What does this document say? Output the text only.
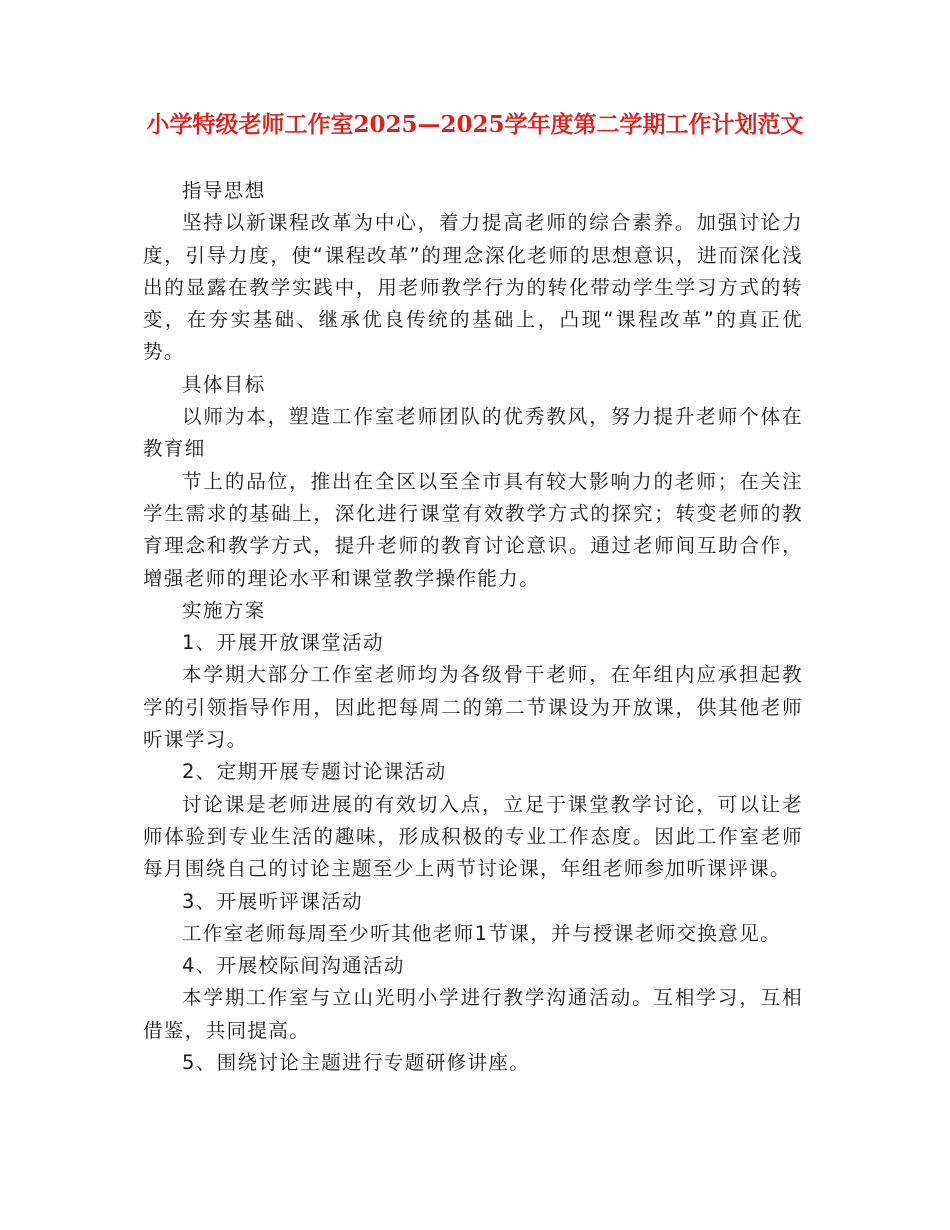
小学特级老师工作室2025—2025学年度第二学期工作计划范文

指导思想

坚持以新课程改革为中心，着力提高老师的综合素养。加强讨论力度，引导力度，使“课程改革”的理念深化老师的思想意识，进而深化浅出的显露在教学实践中，用老师教学行为的转化带动学生学习方式的转变，在夯实基础、继承优良传统的基础上，凸现“课程改革”的真正优势。

具体目标

以师为本，塑造工作室老师团队的优秀教风，努力提升老师个体在教育细

节上的品位，推出在全区以至全市具有较大影响力的老师；在关注学生需求的基础上，深化进行课堂有效教学方式的探究；转变老师的教育理念和教学方式，提升老师的教育讨论意识。通过老师间互助合作，增强老师的理论水平和课堂教学操作能力。

实施方案

1、开展开放课堂活动

本学期大部分工作室老师均为各级骨干老师，在年组内应承担起教学的引领指导作用，因此把每周二的第二节课设为开放课，供其他老师听课学习。

2、定期开展专题讨论课活动

讨论课是老师进展的有效切入点，立足于课堂教学讨论，可以让老师体验到专业生活的趣味，形成积极的专业工作态度。因此工作室老师每月围绕自己的讨论主题至少上两节讨论课，年组老师参加听课评课。

3、开展听评课活动

工作室老师每周至少听其他老师1节课，并与授课老师交换意见。

4、开展校际间沟通活动

本学期工作室与立山光明小学进行教学沟通活动。互相学习，互相借鉴，共同提高。

5、围绕讨论主题进行专题研修讲座。
